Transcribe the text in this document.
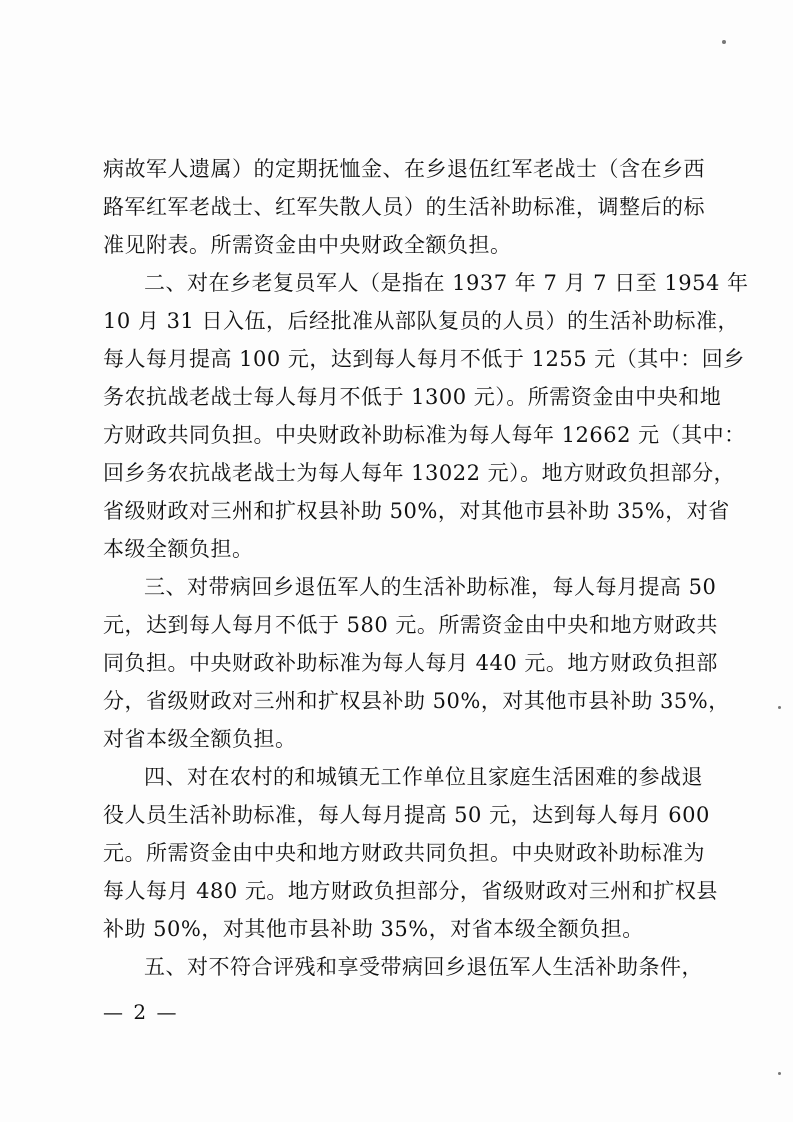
病故军人遗属）的定期抚恤金、在乡退伍红军老战士（含在乡西
路军红军老战士、红军失散人员）的生活补助标准，调整后的标
准见附表。所需资金由中央财政全额负担。
二、对在乡老复员军人（是指在 1937 年 7 月 7 日至 1954 年
10 月 31 日入伍，后经批准从部队复员的人员）的生活补助标准，
每人每月提高 100 元，达到每人每月不低于 1255 元（其中：回乡
务农抗战老战士每人每月不低于 1300 元）。所需资金由中央和地
方财政共同负担。中央财政补助标准为每人每年 12662 元（其中：
回乡务农抗战老战士为每人每年 13022 元）。地方财政负担部分，
省级财政对三州和扩权县补助 50%，对其他市县补助 35%，对省
本级全额负担。
三、对带病回乡退伍军人的生活补助标准，每人每月提高 50
元，达到每人每月不低于 580 元。所需资金由中央和地方财政共
同负担。中央财政补助标准为每人每月 440 元。地方财政负担部
分，省级财政对三州和扩权县补助 50%，对其他市县补助 35%，
对省本级全额负担。
四、对在农村的和城镇无工作单位且家庭生活困难的参战退
役人员生活补助标准，每人每月提高 50 元，达到每人每月 600
元。所需资金由中央和地方财政共同负担。中央财政补助标准为
每人每月 480 元。地方财政负担部分，省级财政对三州和扩权县
补助 50%，对其他市县补助 35%，对省本级全额负担。
五、对不符合评残和享受带病回乡退伍军人生活补助条件，
— 2 —
